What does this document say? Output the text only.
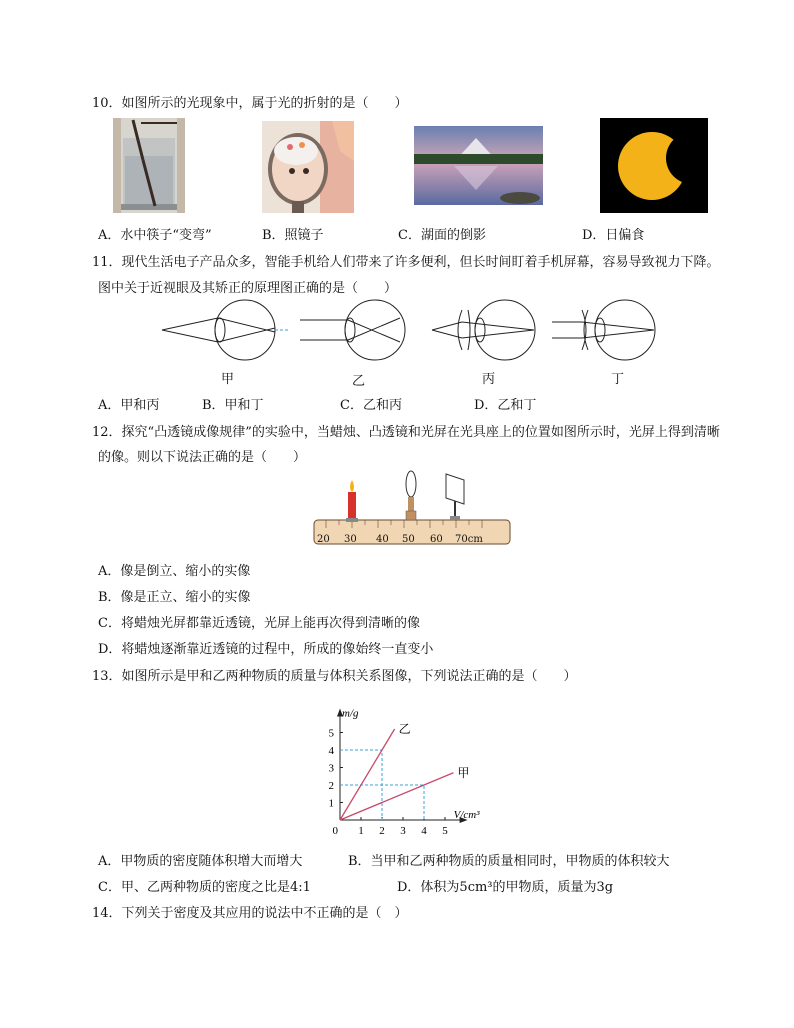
10．如图所示的光现象中，属于光的折射的是（　　）
A．水中筷子“变弯”	B．照镜子	C．湖面的倒影	D．日偏食
11．现代生活电子产品众多，智能手机给人们带来了许多便利，但长时间盯着手机屏幕，容易导致视力下降。
图中关于近视眼及其矫正的原理图正确的是（　　）
甲	乙	丙	丁
A．甲和丙	B．甲和丁	C．乙和丙	D．乙和丁
12．探究“凸透镜成像规律”的实验中，当蜡烛、凸透镜和光屏在光具座上的位置如图所示时，光屏上得到清晰
的像。则以下说法正确的是（　　）
20 30 40 50 60 70cm
A．像是倒立、缩小的实像
B．像是正立、缩小的实像
C．将蜡烛光屏都靠近透镜，光屏上能再次得到清晰的像
D．将蜡烛逐渐靠近透镜的过程中，所成的像始终一直变小
13．如图所示是甲和乙两种物质的质量与体积关系图像，下列说法正确的是（　　）
1 2 3 4 5
1
2
3
4
5
0
V/cm³
m/g
乙
甲
A．甲物质的密度随体积增大而增大	B．当甲和乙两种物质的质量相同时，甲物质的体积较大
C．甲、乙两种物质的密度之比是4:1	D．体积为5cm³的甲物质，质量为3g
14．下列关于密度及其应用的说法中不正确的是（　）
